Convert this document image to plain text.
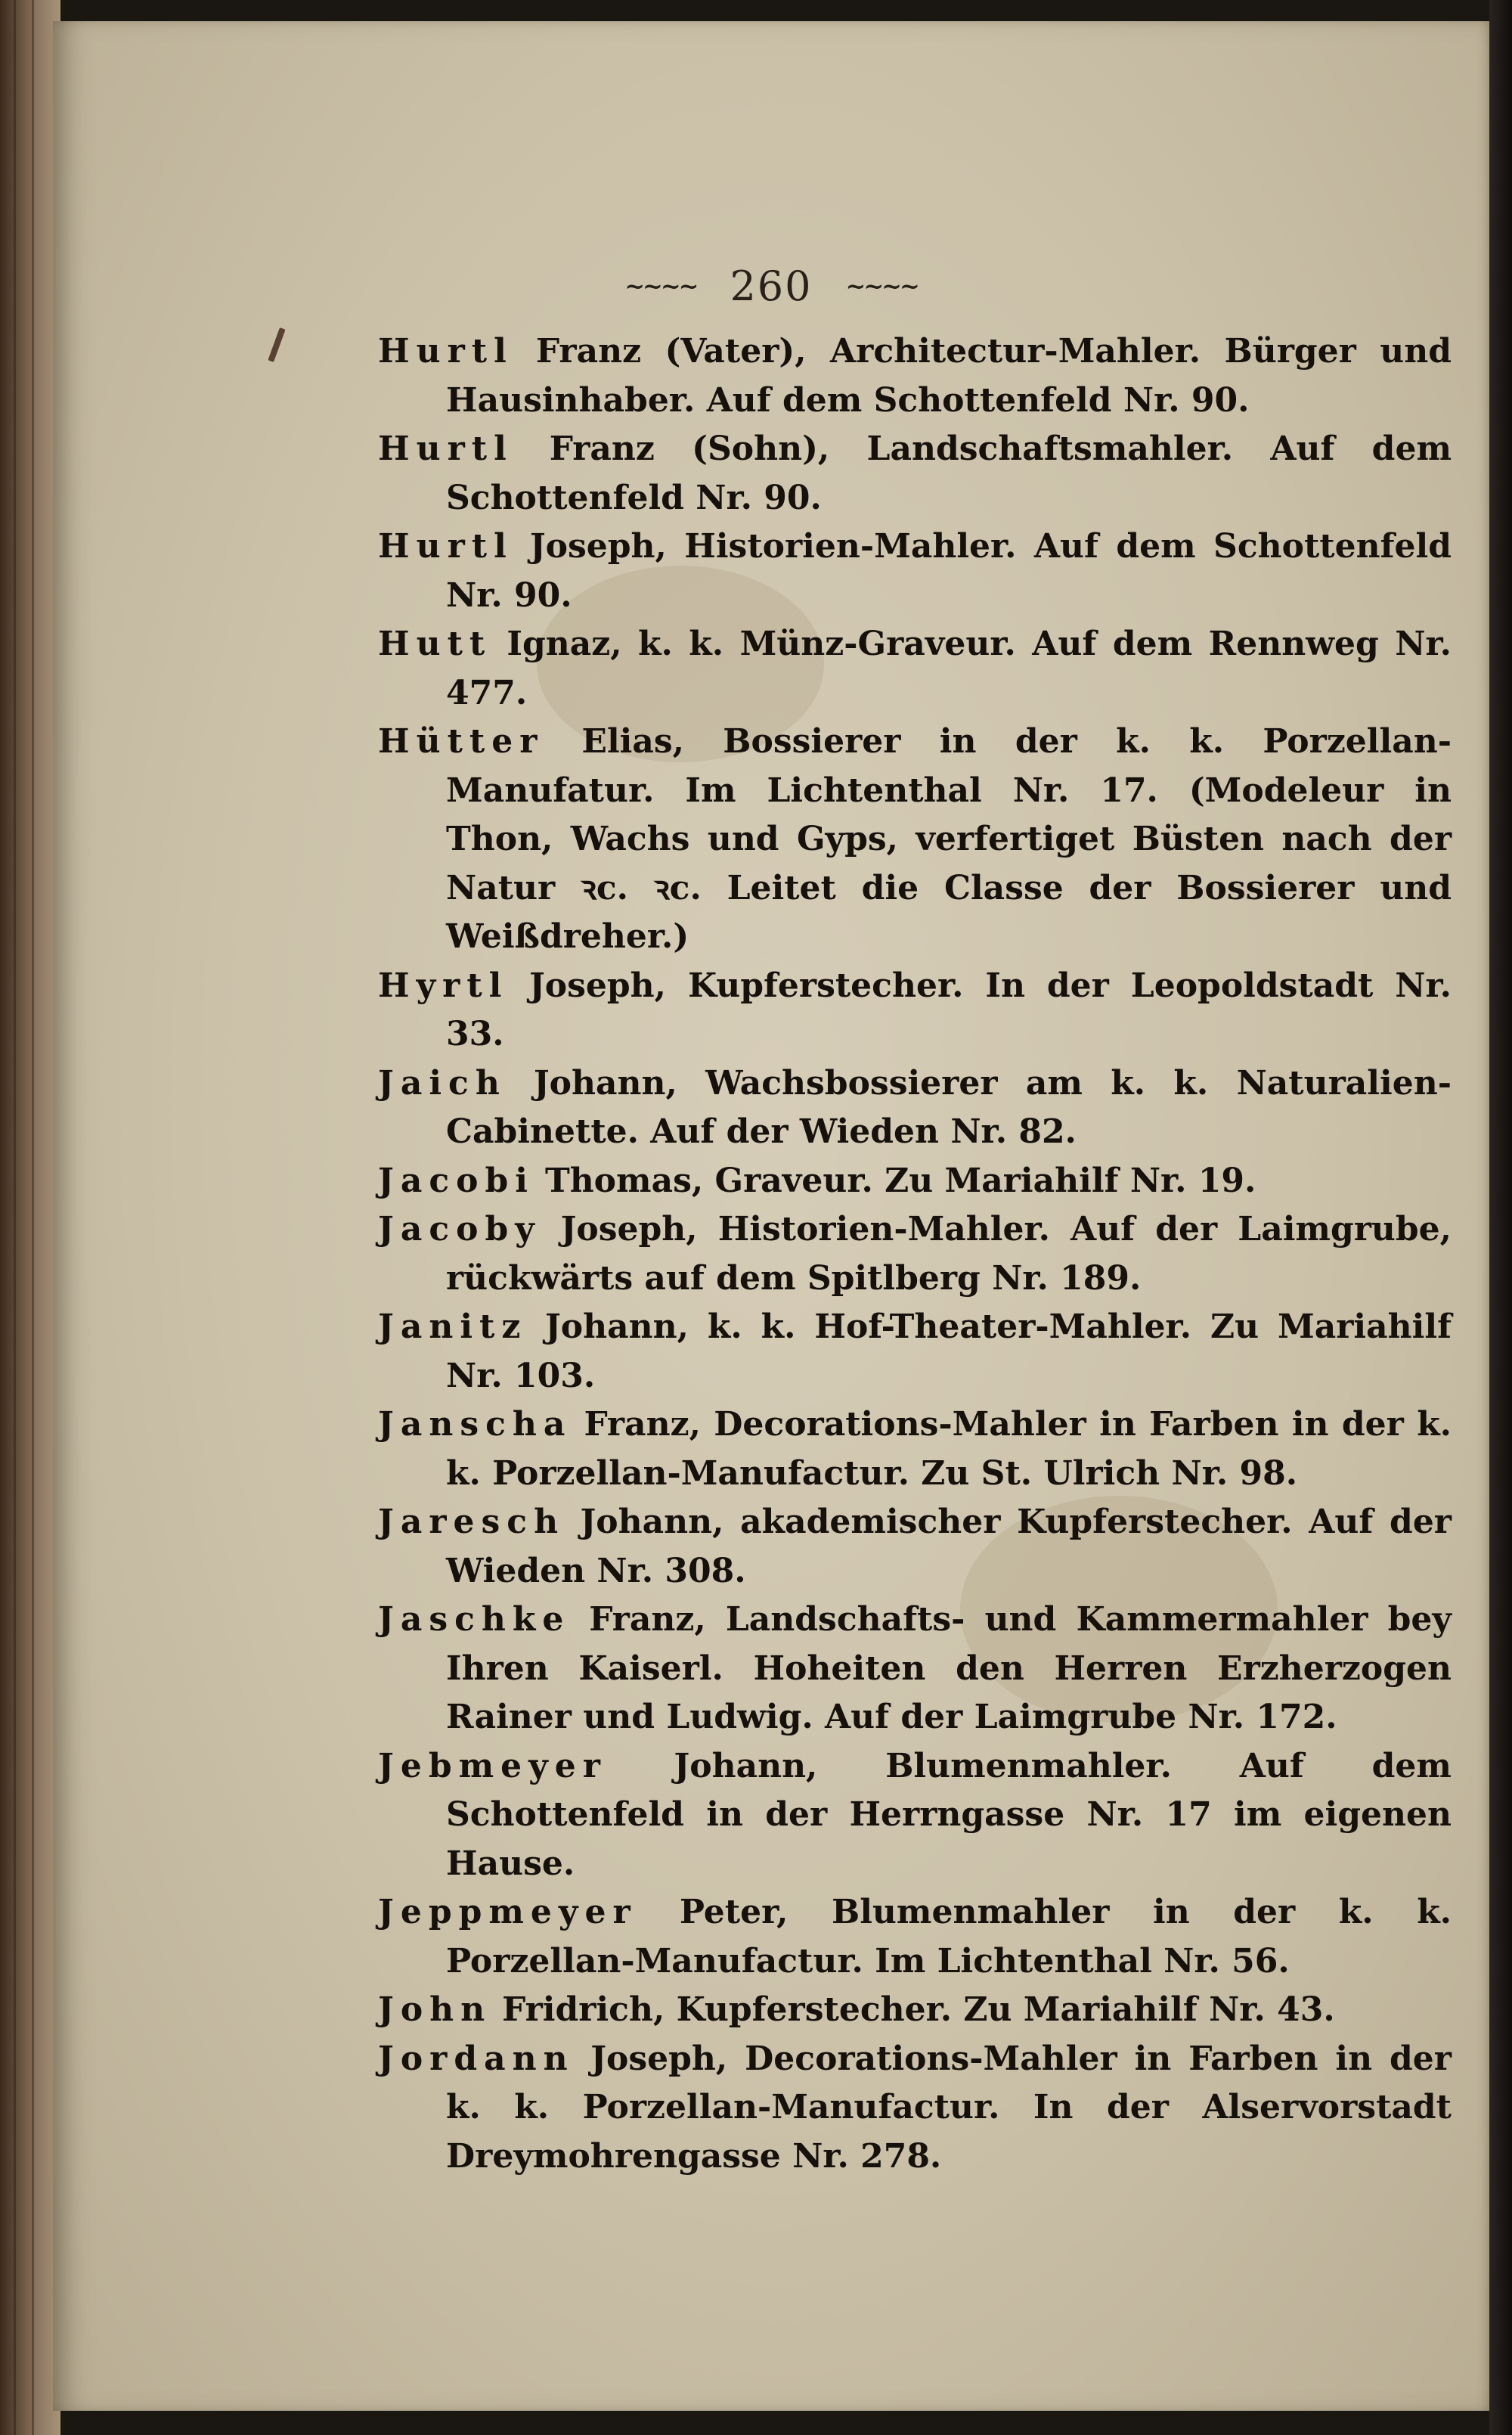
~~~~ 260 ~~~~
Hurtl Franz (Vater), Architectur-Mahler. Bürger und Hausinhaber. Auf dem Schottenfeld Nr. 90.
Hurtl Franz (Sohn), Landschaftsmahler. Auf dem Schottenfeld Nr. 90.
Hurtl Joseph, Historien-Mahler. Auf dem Schottenfeld Nr. 90.
Hutt Ignaz, k. k. Münz-Graveur. Auf dem Rennweg Nr. 477.
Hütter Elias, Bossierer in der k. k. Porzellan-Manufatur. Im Lichtenthal Nr. 17. (Modeleur in Thon, Wachs und Gyps, verfertiget Büsten nach der Natur ꝛc. ꝛc. Leitet die Classe der Bossierer und Weißdreher.)
Hyrtl Joseph, Kupferstecher. In der Leopoldstadt Nr. 33.
Jaich Johann, Wachsbossierer am k. k. Naturalien-Cabinette. Auf der Wieden Nr. 82.
Jacobi Thomas, Graveur. Zu Mariahilf Nr. 19.
Jacoby Joseph, Historien-Mahler. Auf der Laimgrube, rückwärts auf dem Spitlberg Nr. 189.
Janitz Johann, k. k. Hof-Theater-Mahler. Zu Mariahilf Nr. 103.
Janscha Franz, Decorations-Mahler in Farben in der k. k. Porzellan-Manufactur. Zu St. Ulrich Nr. 98.
Jaresch Johann, akademischer Kupferstecher. Auf der Wieden Nr. 308.
Jaschke Franz, Landschafts- und Kammermahler bey Ihren Kaiserl. Hoheiten den Herren Erzherzogen Rainer und Ludwig. Auf der Laimgrube Nr. 172.
Jebmeyer Johann, Blumenmahler. Auf dem Schottenfeld in der Herrngasse Nr. 17 im eigenen Hause.
Jeppmeyer Peter, Blumenmahler in der k. k. Porzellan-Manufactur. Im Lichtenthal Nr. 56.
John Fridrich, Kupferstecher. Zu Mariahilf Nr. 43.
Jordann Joseph, Decorations-Mahler in Farben in der k. k. Porzellan-Manufactur. In der Alservorstadt Dreymohrengasse Nr. 278.
